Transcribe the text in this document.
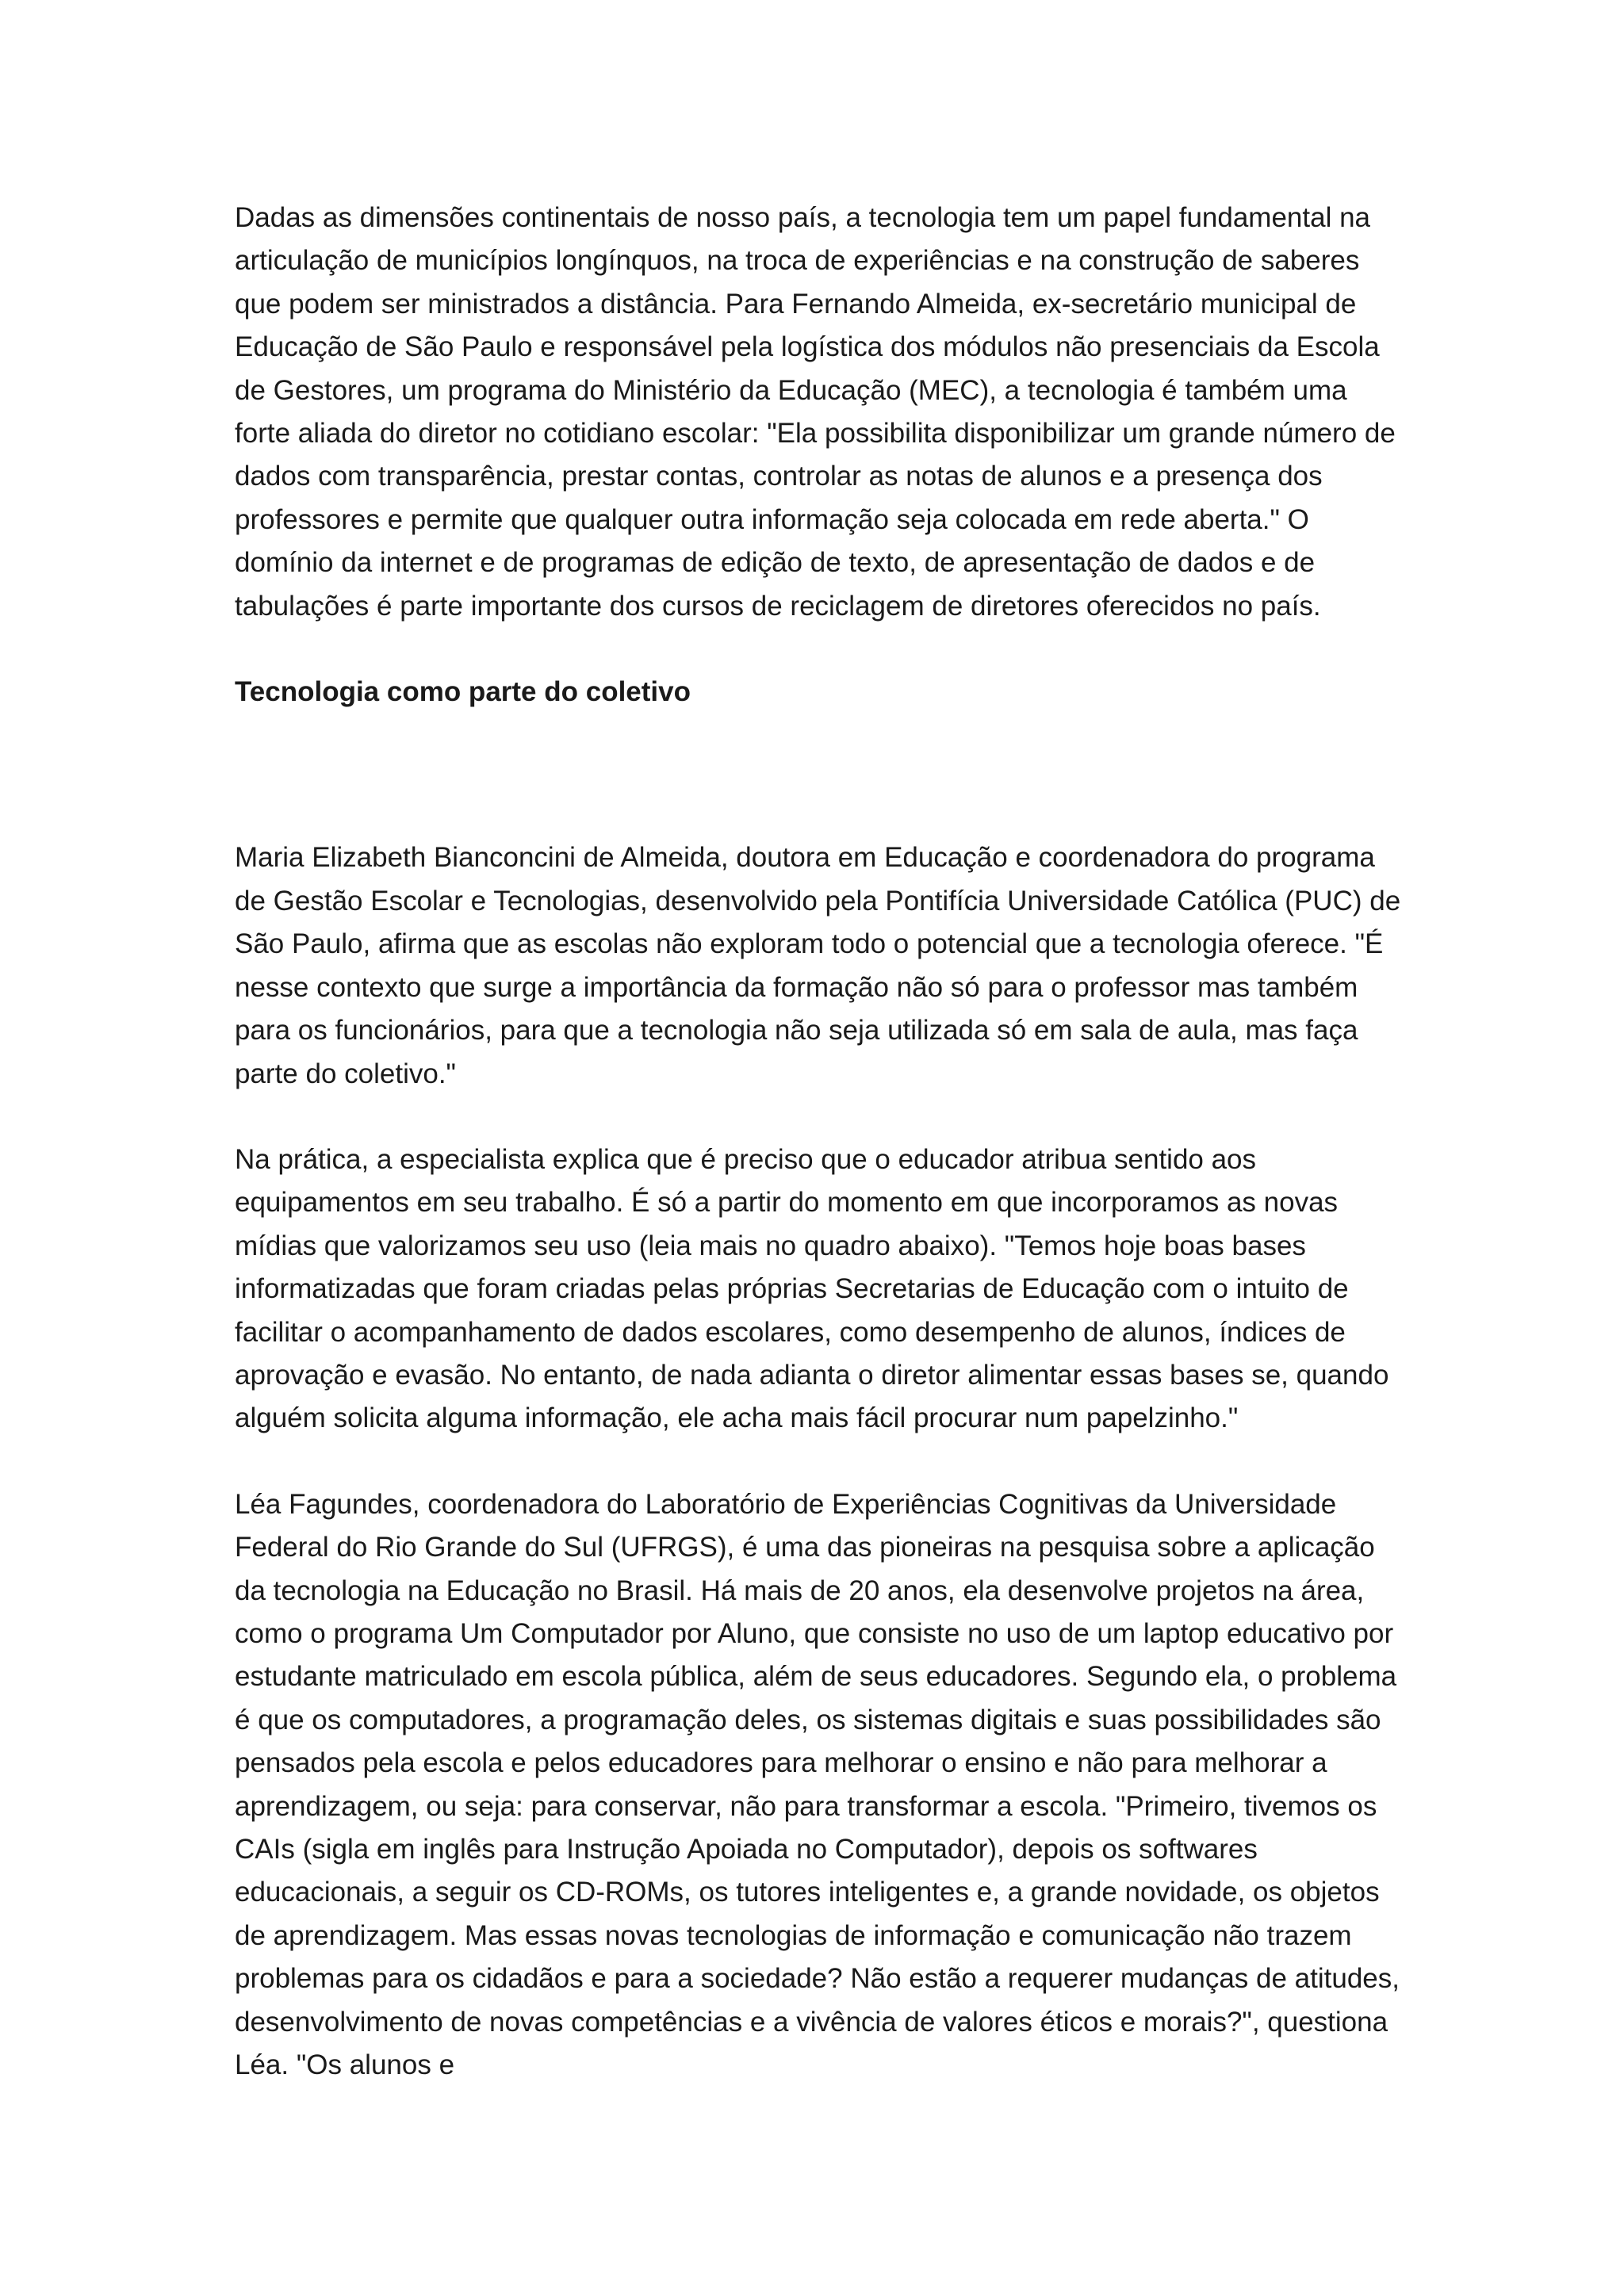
Dadas as dimensões continentais de nosso país, a tecnologia tem um papel fundamental na articulação de municípios longínquos, na troca de experiências e na construção de saberes que podem ser ministrados a distância. Para Fernando Almeida, ex-secretário municipal de Educação de São Paulo e responsável pela logística dos módulos não presenciais da Escola de Gestores, um programa do Ministério da Educação (MEC), a tecnologia é também uma forte aliada do diretor no cotidiano escolar: "Ela possibilita disponibilizar um grande número de dados com transparência, prestar contas, controlar as notas de alunos e a presença dos professores e permite que qualquer outra informação seja colocada em rede aberta." O domínio da internet e de programas de edição de texto, de apresentação de dados e de tabulações é parte importante dos cursos de reciclagem de diretores oferecidos no país.

Tecnologia como parte do coletivo

Maria Elizabeth Bianconcini de Almeida, doutora em Educação e coordenadora do programa de Gestão Escolar e Tecnologias, desenvolvido pela Pontifícia Universidade Católica (PUC) de São Paulo, afirma que as escolas não exploram todo o potencial que a tecnologia oferece. "É nesse contexto que surge a importância da formação não só para o professor mas também para os funcionários, para que a tecnologia não seja utilizada só em sala de aula, mas faça parte do coletivo."

Na prática, a especialista explica que é preciso que o educador atribua sentido aos equipamentos em seu trabalho. É só a partir do momento em que incorporamos as novas mídias que valorizamos seu uso (leia mais no quadro abaixo). "Temos hoje boas bases informatizadas que foram criadas pelas próprias Secretarias de Educação com o intuito de facilitar o acompanhamento de dados escolares, como desempenho de alunos, índices de aprovação e evasão. No entanto, de nada adianta o diretor alimentar essas bases se, quando alguém solicita alguma informação, ele acha mais fácil procurar num papelzinho."

Léa Fagundes, coordenadora do Laboratório de Experiências Cognitivas da Universidade Federal do Rio Grande do Sul (UFRGS), é uma das pioneiras na pesquisa sobre a aplicação da tecnologia na Educação no Brasil. Há mais de 20 anos, ela desenvolve projetos na área, como o programa Um Computador por Aluno, que consiste no uso de um laptop educativo por estudante matriculado em escola pública, além de seus educadores. Segundo ela, o problema é que os computadores, a programação deles, os sistemas digitais e suas possibilidades são pensados pela escola e pelos educadores para melhorar o ensino e não para melhorar a aprendizagem, ou seja: para conservar, não para transformar a escola. "Primeiro, tivemos os CAIs (sigla em inglês para Instrução Apoiada no Computador), depois os softwares educacionais, a seguir os CD-ROMs, os tutores inteligentes e, a grande novidade, os objetos de aprendizagem. Mas essas novas tecnologias de informação e comunicação não trazem problemas para os cidadãos e para a sociedade? Não estão a requerer mudanças de atitudes, desenvolvimento de novas competências e a vivência de valores éticos e morais?", questiona Léa. "Os alunos e
